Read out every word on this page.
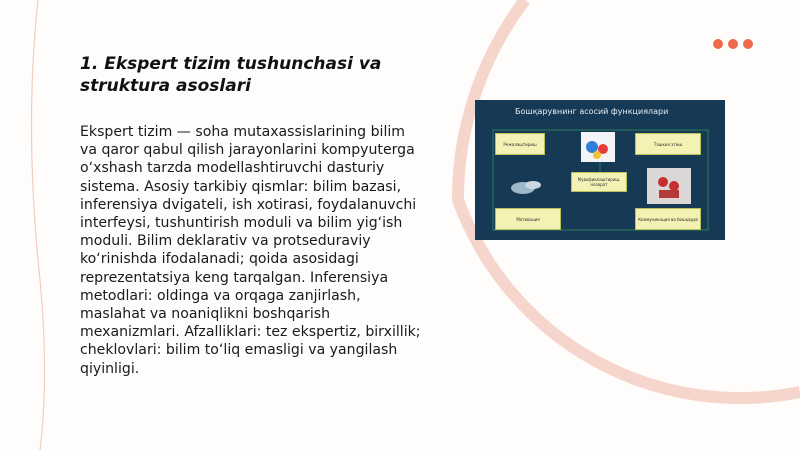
1. Ekspert tizim tushunchasi va struktura asoslari

Ekspert tizim — soha mutaxassislarining bilim va qaror qabul qilish jarayonlarini kompyuterga o‘xshash tarzda modellashtiruvchi dasturiy sistema. Asosiy tarkibiy qismlar: bilim bazasi, inferensiya dvigateli, ish xotirasi, foydalanuvchi interfeysi, tushuntirish moduli va bilim yig‘ish moduli. Bilim deklarativ va protseduraviy ko‘rinishda ifodalanadi; qoida asosidagi reprezentatsiya keng tarqalgan. Inferensiya metodlari: oldinga va orqaga zanjirlash, maslahat va noaniqlikni boshqarish mexanizmlari. Afzalliklari: tez ekspertiz, birxillik; cheklovlari: bilim to‘liq emasligi va yangilash qiyinligi.

Бошқарувнинг асосий функциялари
Режалаштириш	Ташкил этиш
Мувофиқлаштириш, назорат
Мотивация	Коммуникация ва бошқарув
